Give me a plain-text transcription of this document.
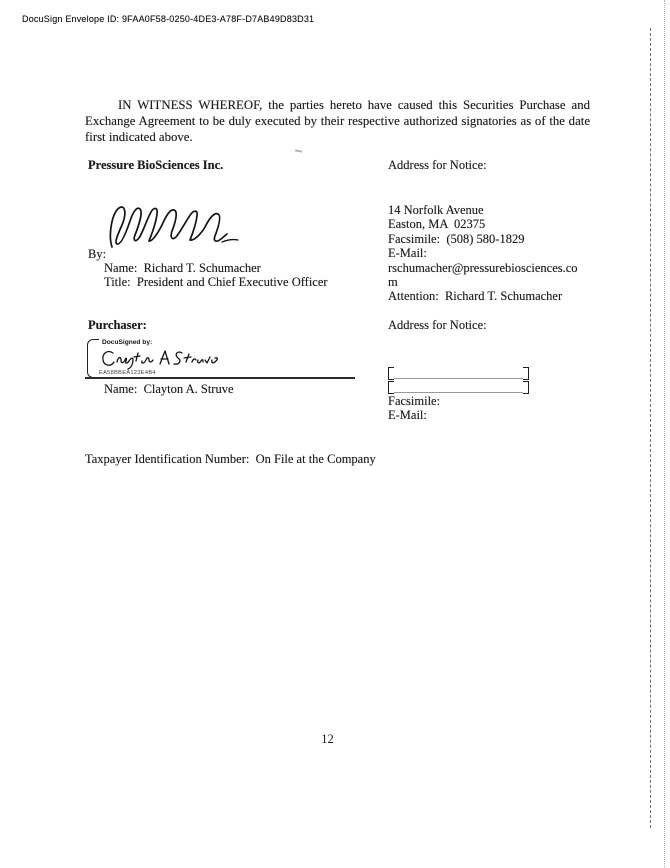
DocuSign Envelope ID: 9FAA0F58-0250-4DE3-A78F-D7AB49D83D31
IN WITNESS WHEREOF, the parties hereto have caused this Securities Purchase and Exchange Agreement to be duly executed by their respective authorized signatories as of the date first indicated above.
Pressure BioSciences Inc.	Address for Notice:
By:
Name:  Richard T. Schumacher
Title:  President and Chief Executive Officer
14 Norfolk Avenue
Easton, MA  02375
Facsimile:  (508) 580-1829
E-Mail:
rschumacher@pressurebiosciences.co
m
Attention:  Richard T. Schumacher
Purchaser:	Address for Notice:
DocuSigned by:
EA58BBEA123E4B4
Name:  Clayton A. Struve
Facsimile:
E-Mail:
Taxpayer Identification Number:  On File at the Company
12
